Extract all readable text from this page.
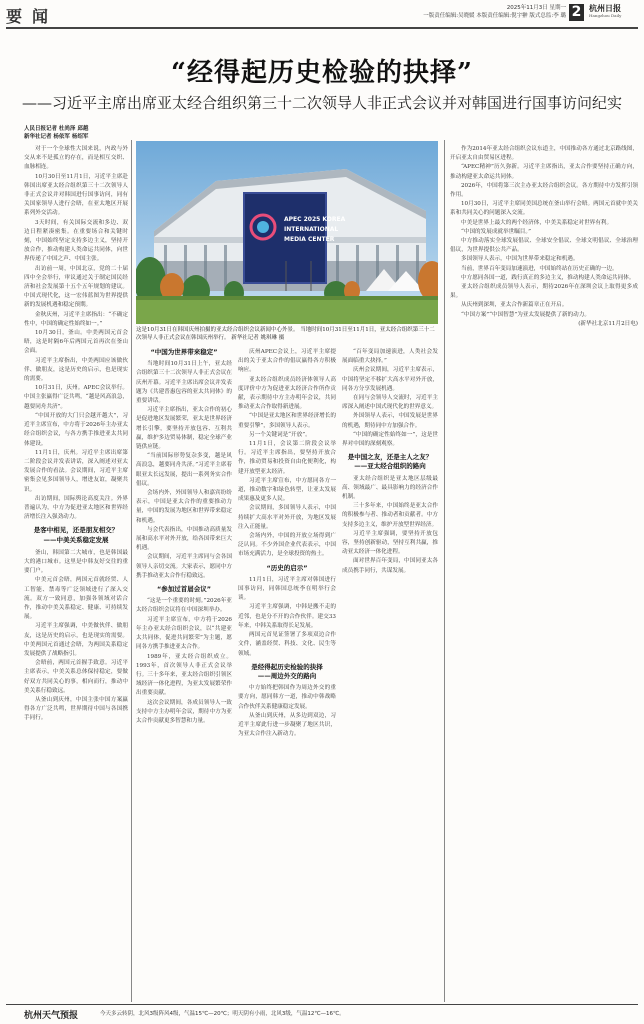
要闻	2025年11月3日 星期一
一版责任编辑:吴晓媛 本版责任编辑:倪宇翀 版式总监:李 璐 2 杭州日报
Hangzhou Daily
“经得起历史检验的抉择”
——习近平主席出席亚太经合组织第三十二次领导人非正式会议并对韩国进行国事访问纪实
人民日报记者 杜尚泽 邱越
新华社记者 杨依军 杨绍军

对于一个全球性大国来说，内政与外交从来不是孤立的存在，而是相互交织、血脉相连。

10月30日至11月1日，习近平主席赴韩国出席亚太经合组织第三十二次领导人非正式会议并对韩国进行国事访问，同有关国家领导人进行会晤，在亚太地区开展系列外交活动。

3天时间，有关国际交流和多边、双边日程紧凑密集。在重要场合和关键时刻，中国始终坚定支持多边主义，坚持开放合作，推动构建人类命运共同体，向世界传递了中国之声、中国主张。

出访前一周，中国北京，党的二十届四中全会举行，审议通过关于制定国民经济和社会发展第十五个五年规划的建议。中国式现代化，这一宏伟蓝图为世界提供新的发展机遇和稳定预期。

金秋庆州，习近平主席指出：“不确定性中，中国的确定性始终如一。”

10月30日，釜山。中美两国元首会晤，这是时隔6年后两国元首再次在釜山会面。

习近平主席指出，中美两国应该做伙伴、做朋友，这是历史的启示，也是现实的需要。

10月31日，庆州。APEC会议举行。中国主张赢得广泛共鸣，“越是风高浪急，越要同舟共济”。

“中国开放的大门只会越开越大”，习近平主席宣布，中方将于2026年主办亚太经合组织会议，与各方携手推进亚太共同体建设。

11月1日，庆州。习近平主席出席第二阶段会议并发表讲话，深入阐述对亚太发展合作的看法。会议期间，习近平主席密集会见多国领导人，增进友谊，凝聚共识。

出访期间，国际舆论高度关注。外界普遍认为，中方为促进亚太地区和世界经济增长注入强劲动力。

是客中相见，还是朋友相交？

——中美关系稳定发展

釜山，韩国第二大城市，也是韩国最大的港口城市。这里是中韩友好交往的重要门户。

中美元首会晤，两国元首就经贸、人工智能、禁毒等广泛领域进行了深入交流。双方一致同意，加强各领域对话合作，推动中美关系稳定、健康、可持续发展。

习近平主席强调，中美做伙伴、做朋友，这是历史的启示，也是现实的需要。中美两国元首通过会晤，为两国关系稳定发展提供了战略指引。

会晤前，两国元首握手致意。习近平主席表示，中美关系总体保持稳定，要做好双方共同关心的事，相向而行，推动中美关系行稳致远。

从釜山到庆州，中国主张中国方案赢得各方广泛共鸣，世界期待中国与各国携手同行。

APEC 2025 KOREA
INTERNATIONAL
MEDIA CENTER
这是10月31日在韩国庆州拍摄的亚太经合组织会议新闻中心外景。 当地时间10月31日至11月1日，亚太经合组织第三十二次领导人非正式会议在韩国庆州举行。 新华社记者 姚琪琳 摄

“中国为世界带来稳定”

当地时间10月31日上午，亚太经合组织第三十二次领导人非正式会议在庆州开幕。习近平主席出席会议并发表题为《共建普惠包容的亚太共同体》的重要讲话。

习近平主席指出，亚太合作的初心是促进地区发展繁荣，亚太是世界经济增长引擎，要坚持开放包容、互利共赢，维护多边贸易体制，稳定全球产业链供应链。

“当前国际形势复杂多变，越是风高浪急，越要同舟共济。”习近平主席着眼亚太长远发展，提出一系列务实合作倡议。

会场内外，外国领导人和嘉宾纷纷表示，中国是亚太合作的重要推动力量，中国的发展为地区和世界带来稳定和机遇。

与会代表指出，中国推动高质量发展和高水平对外开放，给各国带来巨大机遇。

会议期间，习近平主席同与会各国领导人亲切交流。大家表示，愿同中方携手推动亚太合作行稳致远。

“参加过首届会议”

“这是一个重要的时刻。”2026年亚太经合组织会议将在中国深圳举办。

习近平主席宣布，中方将于2026年主办亚太经合组织会议，以“共建亚太共同体，促进共同繁荣”为主题，愿同各方携手推进亚太合作。

1989年，亚太经合组织成立。1993年，首次领导人非正式会议举行。三十多年来，亚太经合组织引领区域经济一体化进程，为亚太发展繁荣作出重要贡献。

这次会议期间，各成员领导人一致支持中方主办明年会议，期待中方为亚太合作贡献更多智慧和力量。

庆州APEC会议上，习近平主席提出的关于亚太合作的倡议赢得各方积极响应。

亚太经合组织成员经济体领导人高度评价中方为促进亚太经济合作所作贡献，表示期待中方主办明年会议，共同推动亚太合作取得新进展。

“中国是亚太地区和世界经济增长的重要引擎”，多国领导人表示。

另一个关键词是“开放”。

11月1日，会议第二阶段会议举行。习近平主席指出，要坚持开放合作，推动贸易和投资自由化便利化，构建开放型亚太经济。

习近平主席宣布，中方愿同各方一道，推动数字和绿色转型，让亚太发展成果惠及更多人民。

会议期间，多国领导人表示，中国持续扩大高水平对外开放，为地区发展注入正能量。

会场内外，中国的开放立场得到广泛认同。不少外国企业代表表示，中国市场充满活力，是全球投资的热土。

“历史的启示”

11月1日，习近平主席对韩国进行国事访问，同韩国总统李在明举行会谈。

习近平主席强调，中韩是搬不走的近邻，也是分不开的合作伙伴。建交33年来，中韩关系取得长足发展。

两国元首见证签署了多项双边合作文件，涵盖经贸、科技、文化、民生等领域。

是经得起历史检验的抉择

——周边外交的路向

中方始终把韩国作为周边外交的重要方向，愿同韩方一道，推动中韩战略合作伙伴关系健康稳定发展。

从釜山到庆州，从多边到双边，习近平主席此行进一步凝聚了地区共识，为亚太合作注入新动力。

“百年变局加速演进，人类社会发展面临重大抉择。”

庆州会议期间，习近平主席表示，中国将坚定不移扩大高水平对外开放，同各方分享发展机遇。

在同与会领导人交流时，习近平主席深入阐述中国式现代化的世界意义。

外国领导人表示，中国发展是世界的机遇，期待同中方加强合作。

“中国的确定性始终如一”，这是世界对中国的深刻观察。

是中国之友，还是主人之友？

——亚太经合组织的路向

亚太经合组织是亚太地区层级最高、领域最广、最具影响力的经济合作机制。

三十多年来，中国始终是亚太合作的积极参与者、推动者和贡献者。中方支持多边主义，维护开放型世界经济。

习近平主席强调，要坚持开放包容，坚持创新驱动，坚持互利共赢，推动亚太经济一体化进程。

面对世界百年变局，中国同亚太各成员携手同行，共谋发展。

作为2014年亚太经合组织会议东道主，中国推动各方通过北京路线图，开启亚太自由贸易区进程。

“APEC精神”历久弥新。习近平主席指出，亚太合作要坚持正确方向，推动构建亚太命运共同体。

2026年，中国将第三次主办亚太经合组织会议。各方期待中方发挥引领作用。

10月30日，习近平主席同美国总统在釜山举行会晤。两国元首就中美关系和共同关心的问题深入交流。

中美是世界上最大的两个经济体，中美关系稳定对世界有利。

“中国的发展成就举世瞩目。”

中方推动落实全球发展倡议、全球安全倡议、全球文明倡议、全球治理倡议，为世界提供公共产品。

多国领导人表示，中国为世界带来稳定和机遇。

当前，世界百年变局加速演进，中国始终站在历史正确的一边。

中方愿同各国一道，践行真正的多边主义，推动构建人类命运共同体。

亚太经合组织成员领导人表示，期待2026年在深圳会议上取得更多成果。

从庆州到深圳，亚太合作新篇章正在开启。

“中国方案”“中国智慧”为亚太发展提供了新的动力。

(新华社北京11月2日电)

杭州天气预报	今天多云转阴，北风3级阵风4级，气温15℃—20℃；明天阴有小雨，北风3级，气温12℃—16℃。
